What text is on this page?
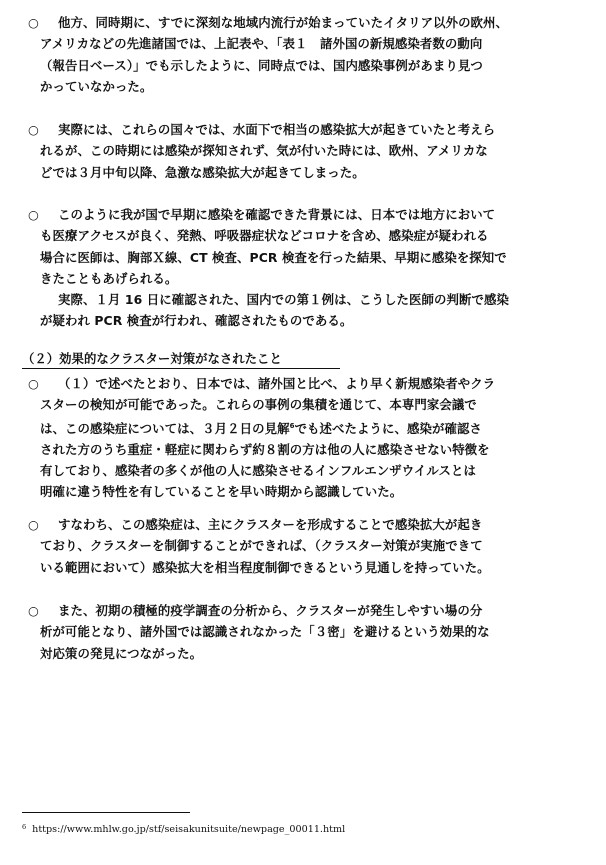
○	他方、同時期に、すでに深刻な地域内流行が始まっていたイタリア以外の欧州、
アメリカなどの先進諸国では、上記表や、「表１　諸外国の新規感染者数の動向
（報告日ベース）」でも示したように、同時点では、国内感染事例があまり見つ
かっていなかった。
○	実際には、これらの国々では、水面下で相当の感染拡大が起きていたと考えら
れるが、この時期には感染が探知されず、気が付いた時には、欧州、アメリカな
どでは３月中旬以降、急激な感染拡大が起きてしまった。
○	このように我が国で早期に感染を確認できた背景には、日本では地方において
も医療アクセスが良く、発熱、呼吸器症状などコロナを含め、感染症が疑われる
場合に医師は、胸部Ｘ線、CT 検査、PCR 検査を行った結果、早期に感染を探知で
きたこともあげられる。
実際、１月 16 日に確認された、国内での第１例は、こうした医師の判断で感染
が疑われ PCR 検査が行われ、確認されたものである。
（２）効果的なクラスター対策がなされたこと
○	（１）で述べたとおり、日本では、諸外国と比べ、より早く新規感染者やクラ
スターの検知が可能であった。これらの事例の集積を通じて、本専門家会議で
は、この感染症については、３月２日の見解$^6$でも述べたように、感染が確認さ
された方のうち重症・軽症に関わらず約８割の方は他の人に感染させない特徴を
有しており、感染者の多くが他の人に感染させるインフルエンザウイルスとは
明確に違う特性を有していることを早い時期から認識していた。
○	すなわち、この感染症は、主にクラスターを形成することで感染拡大が起き
ており、クラスターを制御することができれば、（クラスター対策が実施できて
いる範囲において）感染拡大を相当程度制御できるという見通しを持っていた。
○	また、初期の積極的疫学調査の分析から、クラスターが発生しやすい場の分
析が可能となり、諸外国では認識されなかった「３密」を避けるという効果的な
対応策の発見につながった。
$^6$ https://www.mhlw.go.jp/stf/seisakunitsuite/newpage_00011.html
